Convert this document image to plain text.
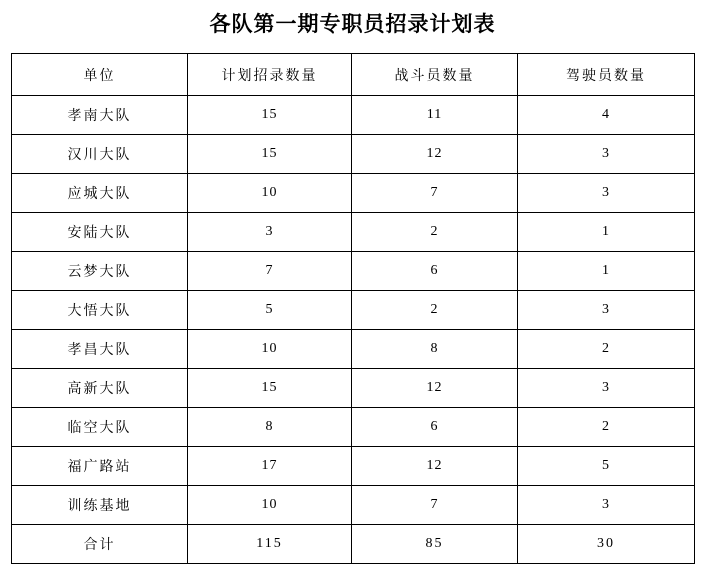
各队第一期专职员招录计划表
单位	计划招录数量	战斗员数量	驾驶员数量
孝南大队	15	11	4
汉川大队	15	12	3
应城大队	10	7	3
安陆大队	3	2	1
云梦大队	7	6	1
大悟大队	5	2	3
孝昌大队	10	8	2
高新大队	15	12	3
临空大队	8	6	2
福广路站	17	12	5
训练基地	10	7	3
合计	115	85	30
